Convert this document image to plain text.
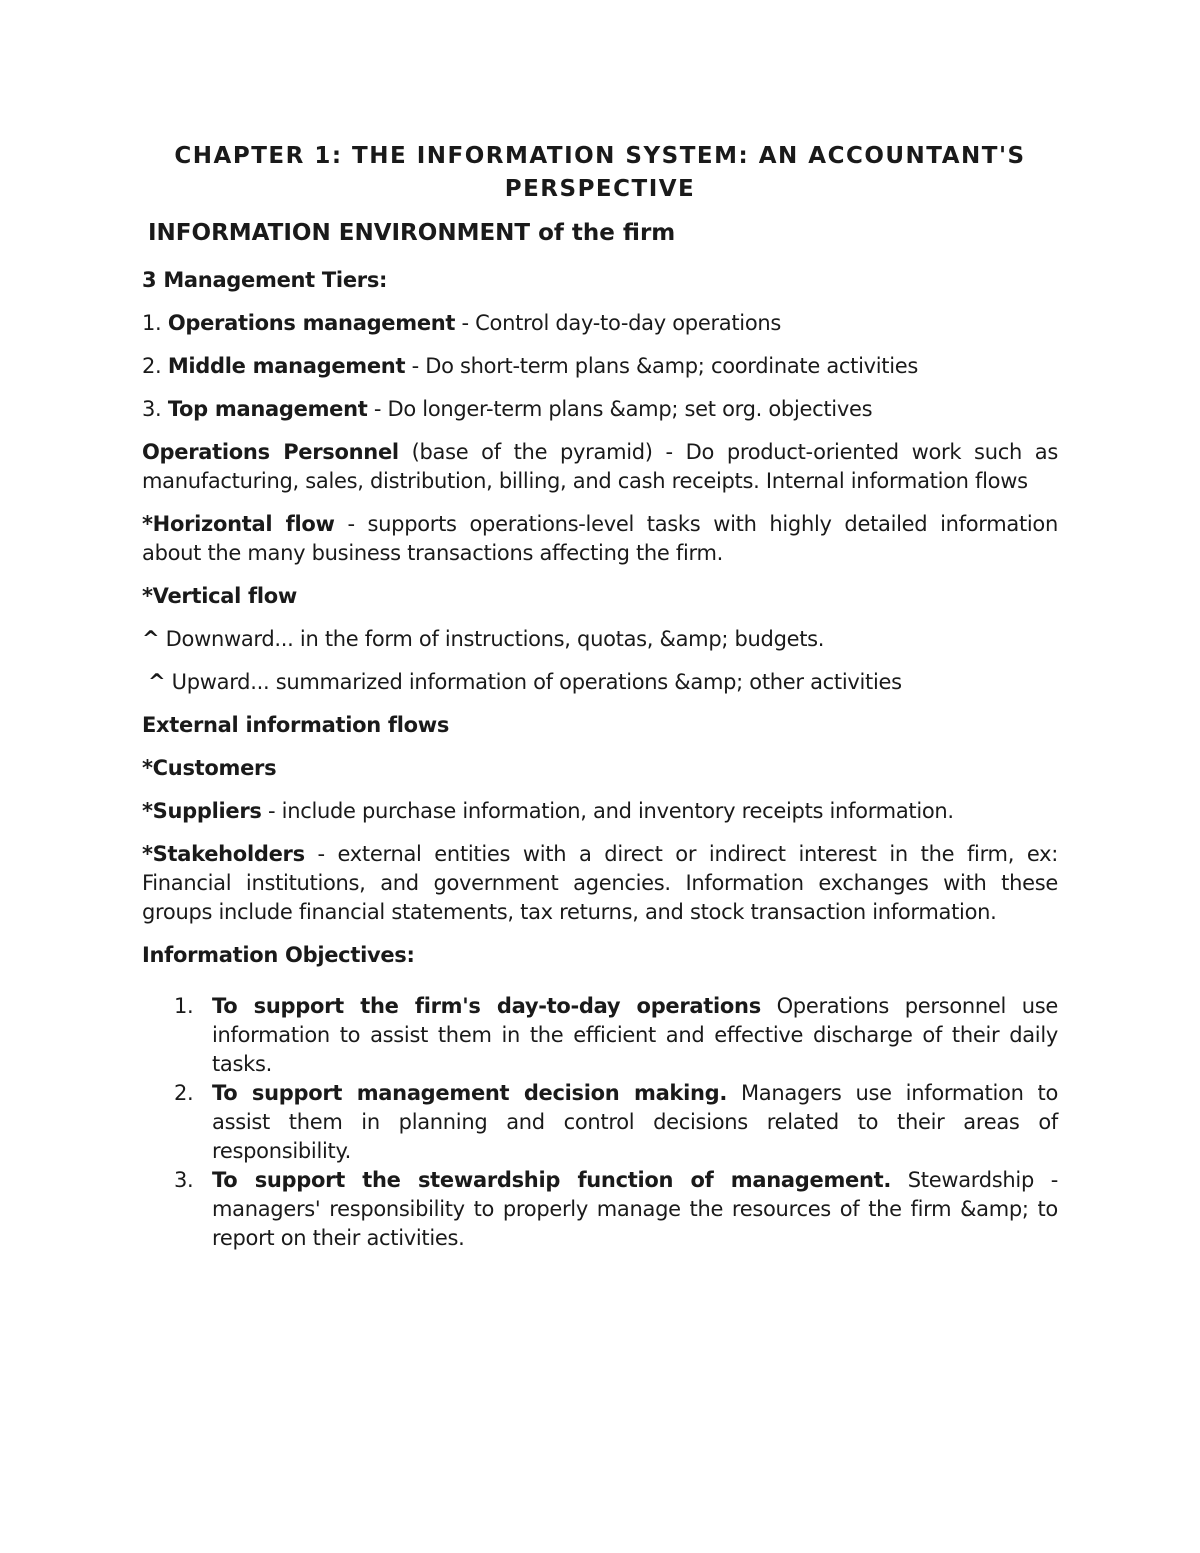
CHAPTER 1: THE INFORMATION SYSTEM: AN ACCOUNTANT'S
PERSPECTIVE
INFORMATION ENVIRONMENT of the firm

3 Management Tiers:

1. Operations management - Control day-to-day operations

2. Middle management - Do short-term plans &amp; coordinate activities

3. Top management - Do longer-term plans &amp; set org. objectives

Operations Personnel (base of the pyramid) - Do product-oriented work such as manufacturing, sales, distribution, billing, and cash receipts. Internal information flows

*Horizontal flow - supports operations-level tasks with highly detailed information about the many business transactions affecting the firm.

*Vertical flow

^ Downward... in the form of instructions, quotas, &amp; budgets.

^ Upward... summarized information of operations &amp; other activities

External information flows

*Customers

*Suppliers - include purchase information, and inventory receipts information.

*Stakeholders - external entities with a direct or indirect interest in the firm, ex: Financial institutions, and government agencies. Information exchanges with these groups include financial statements, tax returns, and stock transaction information.

Information Objectives:

1. To support the firm's day-to-day operations Operations personnel use information to assist them in the efficient and effective discharge of their daily tasks.
2. To support management decision making. Managers use information to assist them in planning and control decisions related to their areas of responsibility.
3. To support the stewardship function of management. Stewardship - managers' responsibility to properly manage the resources of the firm &amp; to report on their activities.
